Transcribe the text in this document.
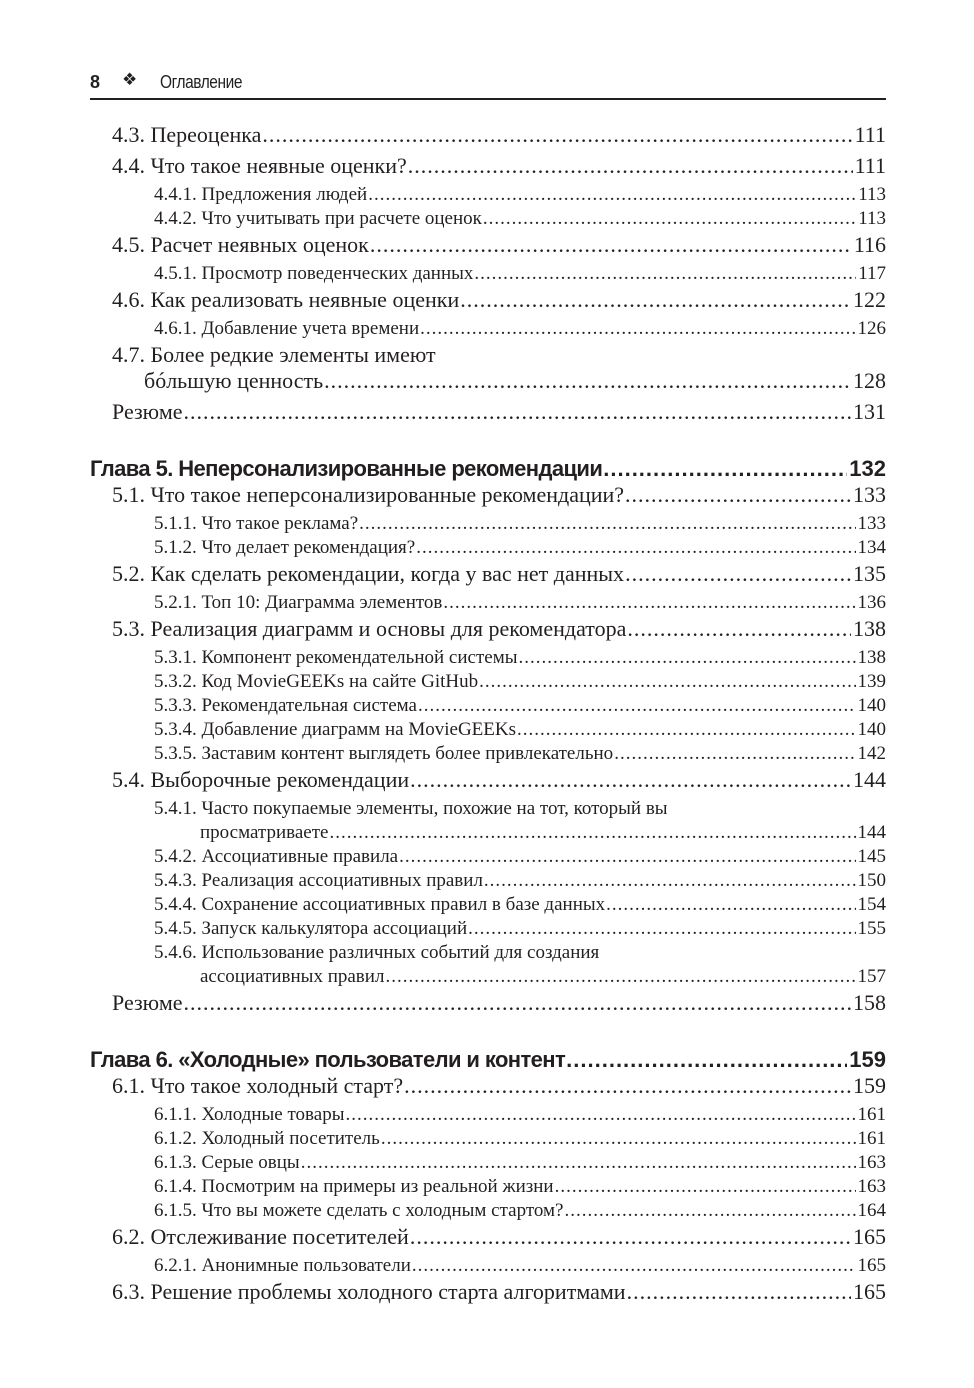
8 ❖ Оглавление
4.3. Переоценка .....	111
4.4. Что такое неявные оценки? .....	111
4.4.1. Предложения людей .....	113
4.4.2. Что учитывать при расчете оценок .....	113
4.5. Расчет неявных оценок .....	116
4.5.1. Просмотр поведенческих данных .....	117
4.6. Как реализовать неявные оценки .....	122
4.6.1. Добавление учета времени .....	126
4.7. Более редкие элементы имеют
бóльшую ценность .....	128
Резюме .....	131
Глава 5. Неперсонализированные рекомендации .....	132
5.1. Что такое неперсонализированные рекомендации? .....	133
5.1.1. Что такое реклама? .....	133
5.1.2. Что делает рекомендация? .....	134
5.2. Как сделать рекомендации, когда у вас нет данных .....	135
5.2.1. Топ 10: Диаграмма элементов .....	136
5.3. Реализация диаграмм и основы для рекомендатора .....	138
5.3.1. Компонент рекомендательной системы .....	138
5.3.2. Код MovieGEEKs на сайте GitHub .....	139
5.3.3. Рекомендательная система .....	140
5.3.4. Добавление диаграмм на MovieGEEKs .....	140
5.3.5. Заставим контент выглядеть более привлекательно .....	142
5.4. Выборочные рекомендации .....	144
5.4.1. Часто покупаемые элементы, похожие на тот, который вы
просматриваете .....	144
5.4.2. Ассоциативные правила .....	145
5.4.3. Реализация ассоциативных правил .....	150
5.4.4. Сохранение ассоциативных правил в базе данных .....	154
5.4.5. Запуск калькулятора ассоциаций .....	155
5.4.6. Использование различных событий для создания
ассоциативных правил .....	157
Резюме .....	158
Глава 6. «Холодные» пользователи и контент .....	159
6.1. Что такое холодный старт? .....	159
6.1.1. Холодные товары .....	161
6.1.2. Холодный посетитель .....	161
6.1.3. Серые овцы .....	163
6.1.4. Посмотрим на примеры из реальной жизни .....	163
6.1.5. Что вы можете сделать с холодным стартом? .....	164
6.2. Отслеживание посетителей .....	165
6.2.1. Анонимные пользователи .....	165
6.3. Решение проблемы холодного старта алгоритмами .....	165
